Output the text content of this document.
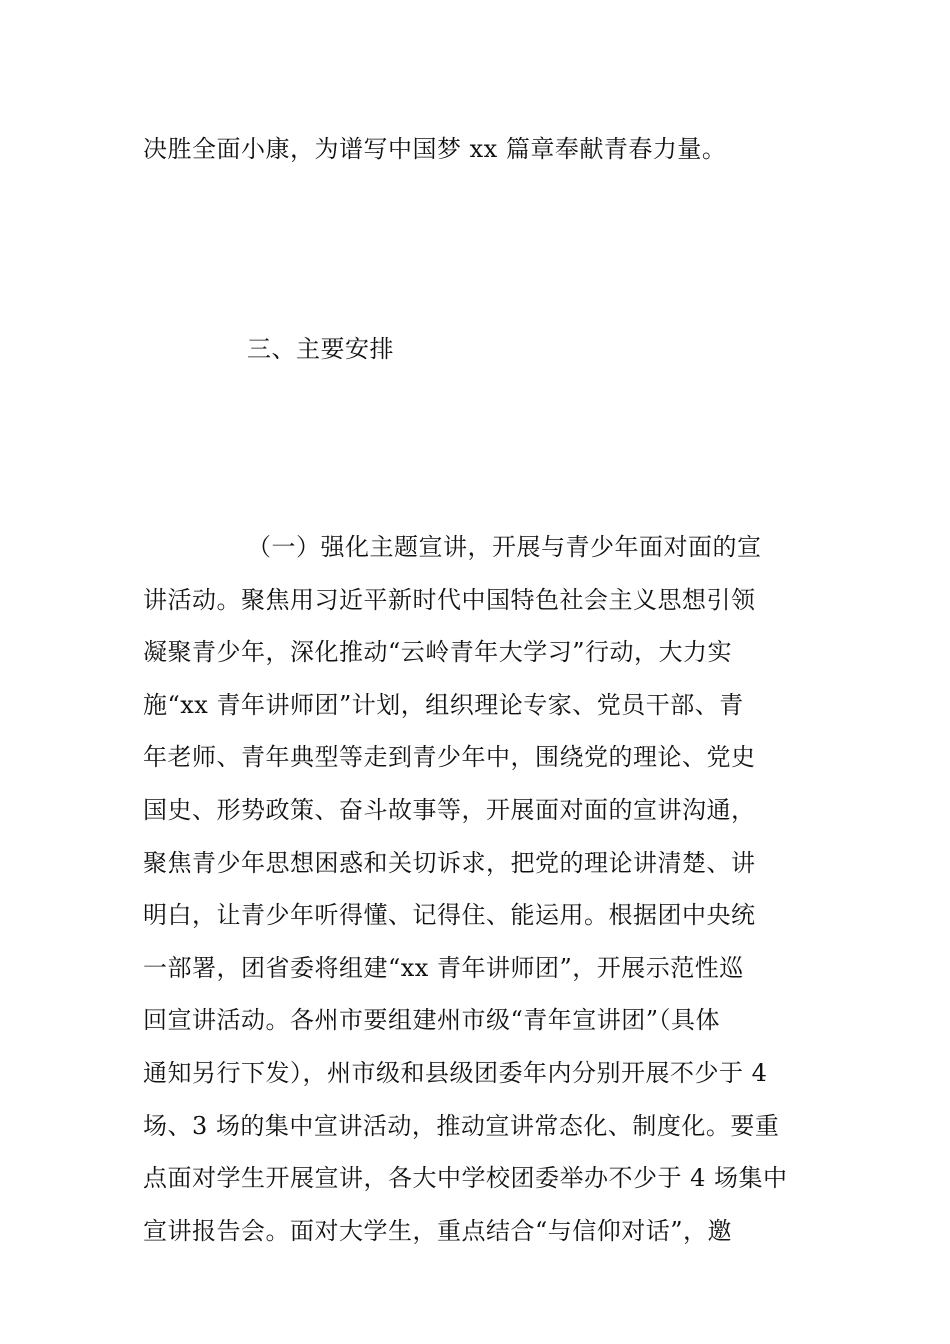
决胜全面小康，为谱写中国梦 xx 篇章奉献青春力量。
三、主要安排
（一）强化主题宣讲，开展与青少年面对面的宣
讲活动。聚焦用习近平新时代中国特色社会主义思想引领
凝聚青少年，深化推动“云岭青年大学习”行动，大力实
施“xx 青年讲师团”计划，组织理论专家、党员干部、青
年老师、青年典型等走到青少年中，围绕党的理论、党史
国史、形势政策、奋斗故事等，开展面对面的宣讲沟通，
聚焦青少年思想困惑和关切诉求，把党的理论讲清楚、讲
明白，让青少年听得懂、记得住、能运用。根据团中央统
一部署，团省委将组建“xx 青年讲师团”，开展示范性巡
回宣讲活动。各州市要组建州市级“青年宣讲团”（具体
通知另行下发），州市级和县级团委年内分别开展不少于 4
场、3 场的集中宣讲活动，推动宣讲常态化、制度化。要重
点面对学生开展宣讲，各大中学校团委举办不少于 4 场集中
宣讲报告会。面对大学生，重点结合“与信仰对话”，邀
